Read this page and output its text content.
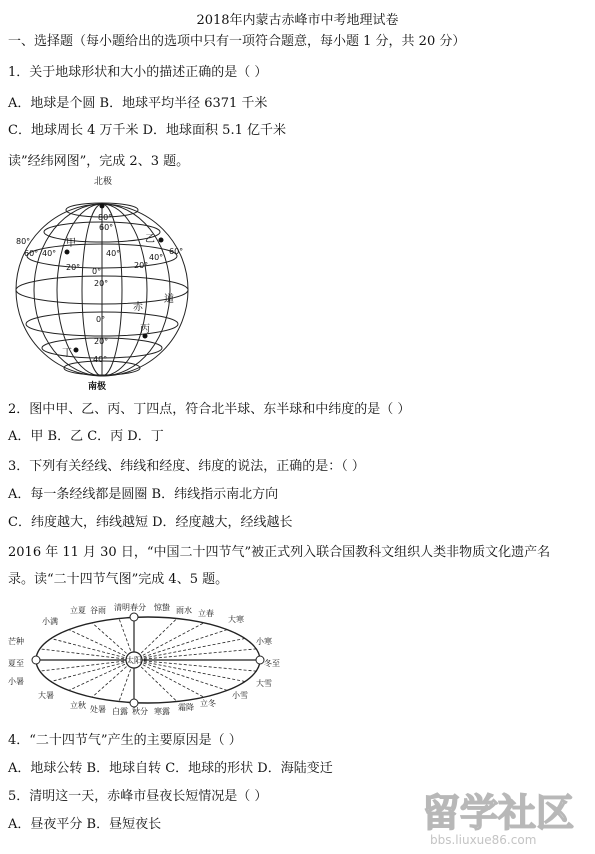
2018年内蒙古赤峰市中考地理试卷
一、选择题（每小题给出的选项中只有一项符合题意，每小题 1 分，共 20 分）
1．关于地球形状和大小的描述正确的是（ ）
A．地球是个圆 B．地球平均半径 6371 千米
C．地球周长 4 万千米 D．地球面积 5.1 亿千米
读”经纬网图”，完成 2、3 题。
北极
南极
甲	乙
丙
丁
赤
道
80°
80°
60°
60°
60°
40°	40°	40°
40°
20°	20°
20°
20°
0°
0°
2．图中甲、乙、丙、丁四点，符合北半球、东半球和中纬度的是（ ）
A．甲 B．乙 C．丙 D．丁
3．下列有关经线、纬线和经度、纬度的说法，正确的是：（ ）
A．每一条经线都是圆圈 B．纬线指示南北方向
C．纬度越大，纬线越短 D．经度越大，经线越长
2016 年 11 月 30 日，“中国二十四节气”被正式列入联合国教科文组织人类非物质文化遗产名
录。读“二十四节气图”完成 4、5 题。
立夏 谷雨 清明 春分 惊蛰 雨水 立春
小满	大寒
芒种	小寒
夏至	冬至
小暑	大雪
大暑	小雪
立秋 处暑 白露 秋分 寒露 霜降 立冬
太阳
4．“二十四节气”产生的主要原因是（ ）
A．地球公转 B．地球自转 C．地球的形状 D．海陆变迁
5．清明这一天，赤峰市昼夜长短情况是（ ）
A．昼夜平分 B．昼短夜长	留学社区
bbs.liuxue86.com
